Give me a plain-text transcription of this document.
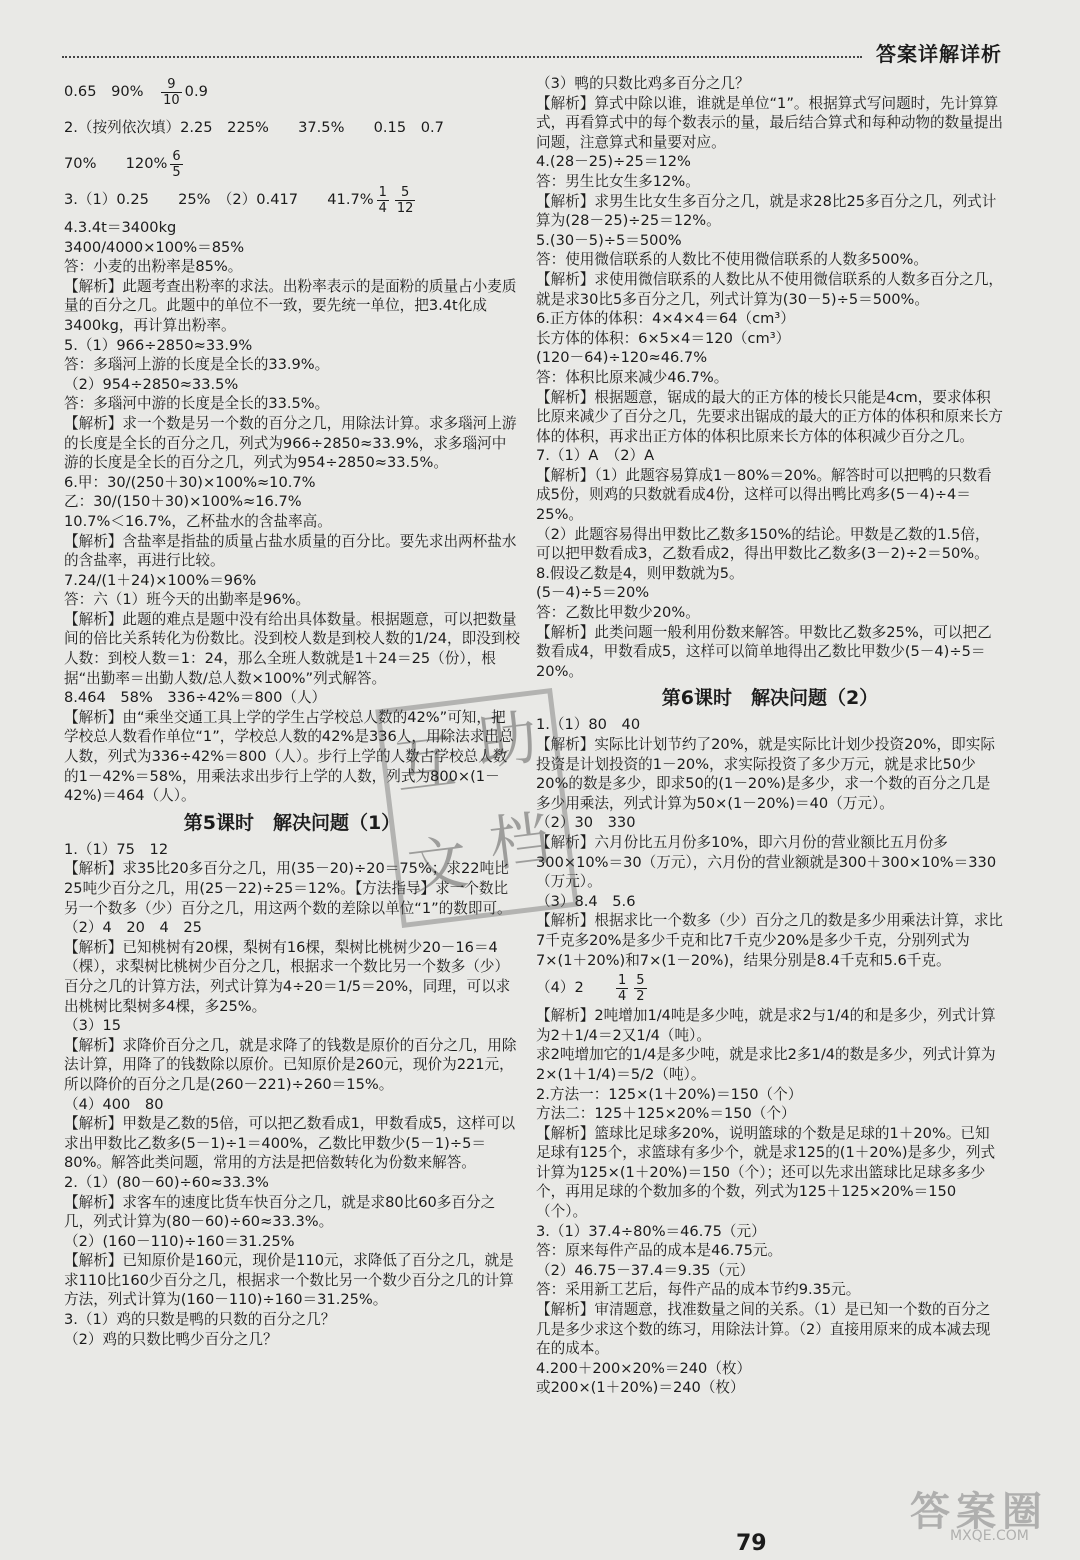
答案详解详析

0.65　90%　 $\frac{9}{10} 0.9$

2.（按列依次填）2.25　225%　　37.5%　　0.15　0.7

70%　　$120\% \frac{6}{5}$

3.（1）0.25　　25%　（2）0.417　　$41.7\% \frac{1}{4} \frac{5}{12}$

4.3.4t＝3400kg

3400/4000×100%＝85%

答：小麦的出粉率是85%。

【解析】此题考查出粉率的求法。出粉率表示的是面粉的质量占小麦质量的百分之几。此题中的单位不一致，要先统一单位，把3.4t化成3400kg，再计算出粉率。

5.（1）966÷2850≈33.9%

答：多瑙河上游的长度是全长的33.9%。

（2）954÷2850≈33.5%

答：多瑙河中游的长度是全长的33.5%。

【解析】求一个数是另一个数的百分之几，用除法计算。求多瑙河上游的长度是全长的百分之几，列式为966÷2850≈33.9%，求多瑙河中游的长度是全长的百分之几，列式为954÷2850≈33.5%。

6.甲：30/(250＋30)×100%≈10.7%

乙：30/(150＋30)×100%≈16.7%

10.7%＜16.7%，乙杯盐水的含盐率高。

【解析】含盐率是指盐的质量占盐水质量的百分比。要先求出两杯盐水的含盐率，再进行比较。

7.24/(1＋24)×100%＝96%

答：六（1）班今天的出勤率是96%。

【解析】此题的难点是题中没有给出具体数量。根据题意，可以把数量间的倍比关系转化为份数比。没到校人数是到校人数的1/24，即没到校人数：到校人数＝1：24，那么全班人数就是1＋24＝25（份），根据“出勤率＝出勤人数/总人数×100%”列式解答。

8.464　58%　336÷42%＝800（人）

【解析】由“乘坐交通工具上学的学生占学校总人数的42%”可知，把学校总人数看作单位“1”，学校总人数的42%是336人，用除法求出总人数，列式为336÷42%＝800（人）。步行上学的人数占学校总人数的1－42%＝58%，用乘法求出步行上学的人数，列式为800×(1－42%)＝464（人）。

第5课时　解决问题（1）

1.（1）75　12

【解析】求35比20多百分之几，用(35－20)÷20＝75%；求22吨比25吨少百分之几，用(25－22)÷25＝12%。【方法指导】求一个数比另一个数多（少）百分之几，用这两个数的差除以单位“1”的数即可。

（2）4　20　4　25

【解析】已知桃树有20棵，梨树有16棵，梨树比桃树少20－16＝4（棵），求梨树比桃树少百分之几，根据求一个数比另一个数多（少）百分之几的计算方法，列式计算为4÷20＝1/5＝20%，同理，可以求出桃树比梨树多4棵，多25%。

（3）15

【解析】求降价百分之几，就是求降了的钱数是原价的百分之几，用除法计算，用降了的钱数除以原价。已知原价是260元，现价为221元，所以降价的百分之几是(260－221)÷260＝15%。

（4）400　80

【解析】甲数是乙数的5倍，可以把乙数看成1，甲数看成5，这样可以求出甲数比乙数多(5－1)÷1＝400%，乙数比甲数少(5－1)÷5＝80%。解答此类问题，常用的方法是把倍数转化为份数来解答。

2.（1）(80－60)÷60≈33.3%

【解析】求客车的速度比货车快百分之几，就是求80比60多百分之几，列式计算为(80－60)÷60≈33.3%。

（2）(160－110)÷160＝31.25%

【解析】已知原价是160元，现价是110元，求降低了百分之几，就是求110比160少百分之几，根据求一个数比另一个数少百分之几的计算方法，列式计算为(160－110)÷160＝31.25%。

3.（1）鸡的只数是鸭的只数的百分之几？

（2）鸡的只数比鸭少百分之几？

（3）鸭的只数比鸡多百分之几？

【解析】算式中除以谁，谁就是单位“1”。根据算式写问题时，先计算算式，再看算式中的每个数表示的量，最后结合算式和每种动物的数量提出问题，注意算式和量要对应。

4.(28－25)÷25＝12%

答：男生比女生多12%。

【解析】求男生比女生多百分之几，就是求28比25多百分之几，列式计算为(28－25)÷25＝12%。

5.(30－5)÷5＝500%

答：使用微信联系的人数比不使用微信联系的人数多500%。

【解析】求使用微信联系的人数比从不使用微信联系的人数多百分之几，就是求30比5多百分之几，列式计算为(30－5)÷5＝500%。

6.正方体的体积：4×4×4＝64（cm³）

长方体的体积：6×5×4＝120（cm³）

(120－64)÷120≈46.7%

答：体积比原来减少46.7%。

【解析】根据题意，锯成的最大的正方体的棱长只能是4cm，要求体积比原来减少了百分之几，先要求出锯成的最大的正方体的体积和原来长方体的体积，再求出正方体的体积比原来长方体的体积减少百分之几。

7.（1）A　（2）A

【解析】（1）此题容易算成1－80%＝20%。解答时可以把鸭的只数看成5份，则鸡的只数就看成4份，这样可以得出鸭比鸡多(5－4)÷4＝25%。

（2）此题容易得出甲数比乙数多150%的结论。甲数是乙数的1.5倍，可以把甲数看成3，乙数看成2，得出甲数比乙数多(3－2)÷2＝50%。

8.假设乙数是4，则甲数就为5。

(5－4)÷5＝20%

答：乙数比甲数少20%。

【解析】此类问题一般利用份数来解答。甲数比乙数多25%，可以把乙数看成4，甲数看成5，这样可以简单地得出乙数比甲数少(5－4)÷5＝20%。

第6课时　解决问题（2）

1.（1）80　40

【解析】实际比计划节约了20%，就是实际比计划少投资20%，即实际投资是计划投资的1－20%，求实际投资了多少万元，就是求比50少20%的数是多少，即求50的(1－20%)是多少，求一个数的百分之几是多少用乘法，列式计算为50×(1－20%)＝40（万元）。

（2）30　330

【解析】六月份比五月份多10%，即六月份的营业额比五月份多300×10%＝30（万元），六月份的营业额就是300＋300×10%＝330（万元）。

（3）8.4　5.6

【解析】根据求比一个数多（少）百分之几的数是多少用乘法计算，求比7千克多20%是多少千克和比7千克少20%是多少千克，分别列式为7×(1＋20%)和7×(1－20%)，结果分别是8.4千克和5.6千克。

（4）2　　 $\frac{1}{4} \frac{5}{2}$

【解析】2吨增加1/4吨是多少吨，就是求2与1/4的和是多少，列式计算为2＋1/4＝2又1/4（吨）。

求2吨增加它的1/4是多少吨，就是求比2多1/4的数是多少，列式计算为2×(1＋1/4)＝5/2（吨）。

2.方法一：125×(1＋20%)＝150（个）

方法二：125＋125×20%＝150（个）

【解析】篮球比足球多20%，说明篮球的个数是足球的1＋20%。已知足球有125个，求篮球有多少个，就是求125的(1＋20%)是多少，列式计算为125×(1＋20%)＝150（个）；还可以先求出篮球比足球多多少个，再用足球的个数加多的个数，列式为125＋125×20%＝150（个）。

3.（1）37.4÷80%＝46.75（元）

答：原来每件产品的成本是46.75元。

（2）46.75－37.4＝9.35（元）

答：采用新工艺后，每件产品的成本节约9.35元。

【解析】审清题意，找准数量之间的关系。（1）是已知一个数的百分之几是多少求这个数的练习，用除法计算。（2）直接用原来的成本减去现在的成本。

4.200＋200×20%＝240（枚）

或200×(1＋20%)＝240（枚）

互 助
文 档
79
答 案 圈
MXQE.COM
